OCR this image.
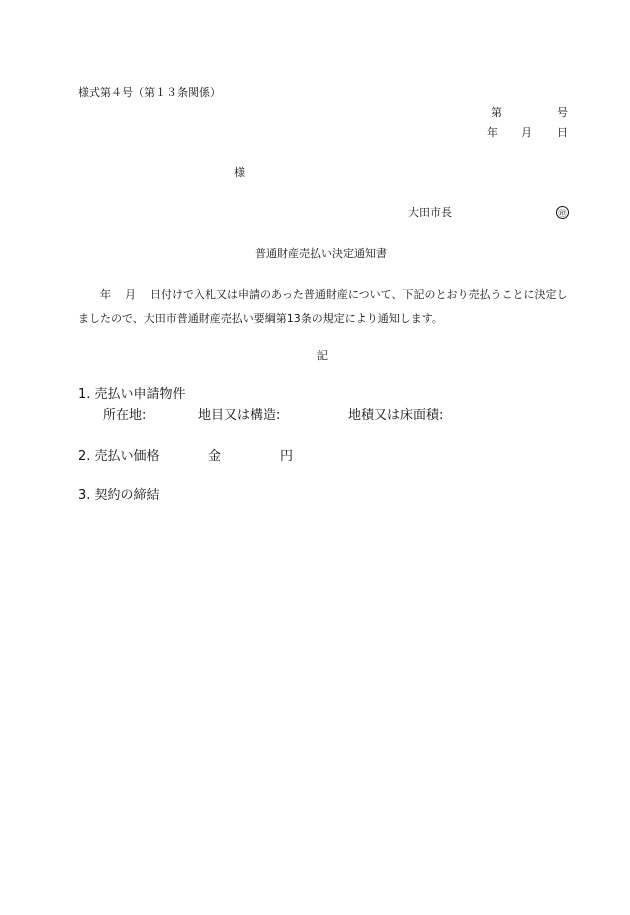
様式第４号（第１３条関係）
第	号
年 月 日
様
大田市長	㊞
普通財産売払い決定通知書
年 月 日付けで入札又は申請のあった普通財産について、下記のとおり売払うことに決定しましたので、大田市普通財産売払い要綱第13条の規定により通知します。
記
1. 売払い申請物件
所在地:	地目又は構造:	地積又は床面積:
2. 売払い価格	金	円
3. 契約の締結
